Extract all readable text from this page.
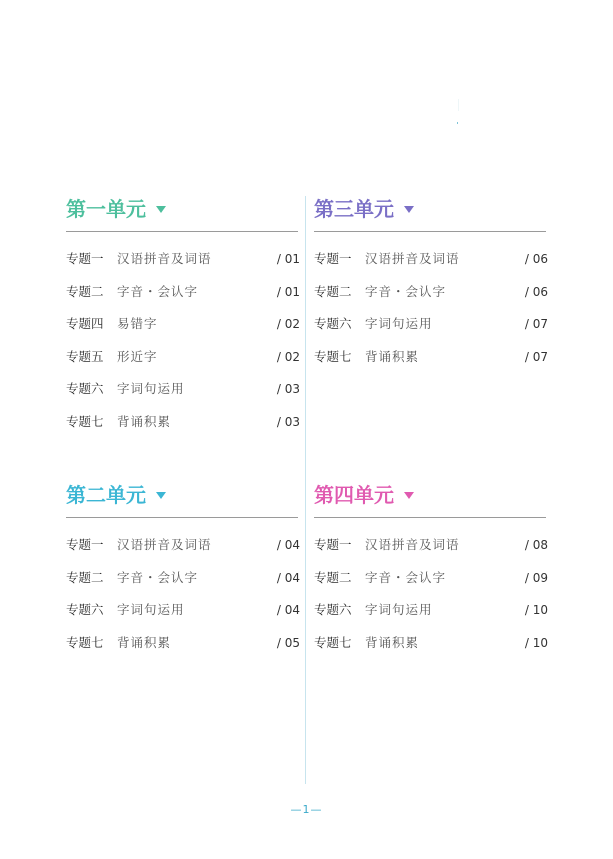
第一单元
专题一 汉语拼音及词语	/ 01
专题二 字音・会认字	/ 01
专题四 易错字	/ 02
专题五 形近字	/ 02
专题六 字词句运用	/ 03
专题七 背诵积累	/ 03
第二单元
专题一 汉语拼音及词语	/ 04
专题二 字音・会认字	/ 04
专题六 字词句运用	/ 04
专题七 背诵积累	/ 05
第三单元
专题一 汉语拼音及词语	/ 06
专题二 字音・会认字	/ 06
专题六 字词句运用	/ 07
专题七 背诵积累	/ 07
第四单元
专题一 汉语拼音及词语	/ 08
专题二 字音・会认字	/ 09
专题六 字词句运用	/ 10
专题七 背诵积累	/ 10
—1—
